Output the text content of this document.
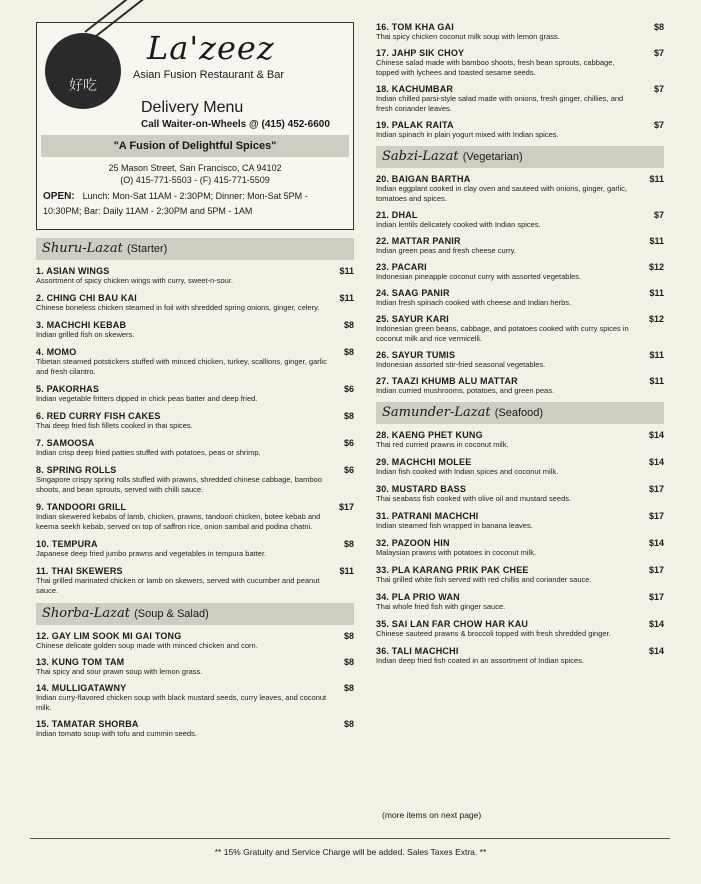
好吃
La'zeez
Asian Fusion Restaurant & Bar
Delivery Menu
Call Waiter-on-Wheels @ (415) 452-6600
"A Fusion of Delightful Spices"
25 Mason Street, San Francisco, CA 94102
(O) 415-771-5503 - (F) 415-771-5509
OPEN: Lunch: Mon-Sat 11AM - 2:30PM; Dinner: Mon-Sat 5PM - 10:30PM; Bar: Daily 11AM - 2:30PM and 5PM - 1AM
Shuru-Lazat (Starter)
1. ASIAN WINGS
Assortment of spicy chicken wings with curry, sweet-n-sour.
$11
2. CHING CHI BAU KAI
Chinese boneless chicken steamed in foil with shredded spring onions, ginger, celery.
$11
3. MACHCHI KEBAB
Indian grilled fish on skewers.
$8
4. MOMO
Tibetan steamed potstickers stuffed with minced chicken, turkey, scallions, ginger, garlic and fresh cilantro.
$8
5. PAKORHAS
Indian vegetable fritters dipped in chick peas batter and deep fried.
$6
6. RED CURRY FISH CAKES
Thai deep fried fish fillets cooked in thai spices.
$8
7. SAMOOSA
Indian crisp deep fried patties stuffed with potatoes, peas or shrimp.
$6
8. SPRING ROLLS
Singapore crispy spring rolls stuffed with prawns, shredded chinese cabbage, bamboo shoots, and bean sprouts, served with chilli sauce.
$6
9. TANDOORI GRILL
Indian skewered kebabs of lamb, chicken, prawns, tandoori chicken, botee kebab and keema seekh kebab, served on top of saffron rice, onion sambal and podina chatni.
$17
10. TEMPURA
Japanese deep fried jumbo prawns and vegetables in tempura batter.
$8
11. THAI SKEWERS
Thai grilled marinated chicken or lamb on skewers, served with cucumber and peanut sauce.
$11
Shorba-Lazat (Soup & Salad)
12. GAY LIM SOOK MI GAI TONG
Chinese delicate golden soup made with minced chicken and corn.
$8
13. KUNG TOM TAM
Thai spicy and sour prawn soup with lemon grass.
$8
14. MULLIGATAWNY
Indian curry-flavored chicken soup with black mustard seeds, curry leaves, and coconut milk.
$8
15. TAMATAR SHORBA
Indian tomato soup with tofu and cummin seeds.
$8
16. TOM KHA GAI
Thai spicy chicken coconut milk soup with lemon grass.
$8
17. JAHP SIK CHOY
Chinese salad made with bamboo shoots, fresh bean sprouts, cabbage, topped with lychees and toasted sesame seeds.
$7
18. KACHUMBAR
Indian chilled parsi-style salad made with onions, fresh ginger, chillies, and fresh coriander leaves.
$7
19. PALAK RAITA
Indian spinach in plain yogurt mixed with Indian spices.
$7
Sabzi-Lazat (Vegetarian)
20. BAIGAN BARTHA
Indian eggplant cooked in clay oven and sauteed with onions, ginger, garlic, tomatoes and spices.
$11
21. DHAL
Indian lentils delicately cooked with Indian spices.
$7
22. MATTAR PANIR
Indian green peas and fresh cheese curry.
$11
23. PACARI
Indonesian pineapple coconut curry with assorted vegetables.
$12
24. SAAG PANIR
Indian fresh spinach cooked with cheese and Indian herbs.
$11
25. SAYUR KARI
Indonesian green beans, cabbage, and potatoes cooked with curry spices in coconut milk and rice vermicelli.
$12
26. SAYUR TUMIS
Indonesian assorted stir-fried seasonal vegetables.
$11
27. TAAZI KHUMB ALU MATTAR
Indian curried mushrooms, potatoes, and green peas.
$11
Samunder-Lazat (Seafood)
28. KAENG PHET KUNG
Thai red curried prawns in coconut milk.
$14
29. MACHCHI MOLEE
Indian fish cooked with Indian spices and coconut milk.
$14
30. MUSTARD BASS
Thai seabass fish cooked with olive oil and mustard seeds.
$17
31. PATRANI MACHCHI
Indian steamed fish wrapped in banana leaves.
$17
32. PAZOON HIN
Malaysian prawns with potatoes in coconut milk.
$14
33. PLA KARANG PRIK PAK CHEE
Thai grilled white fish served with red chillis and coriander sauce.
$17
34. PLA PRIO WAN
Thai whole fried fish with ginger sauce.
$17
35. SAI LAN FAR CHOW HAR KAU
Chinese sauteed prawns & broccoli topped with fresh shredded ginger.
$14
36. TALI MACHCHI
Indian deep fried fish coated in an assortment of Indian spices.
$14
(more items on next page)
** 15% Gratuity and Service Charge will be added. Sales Taxes Extra. **
